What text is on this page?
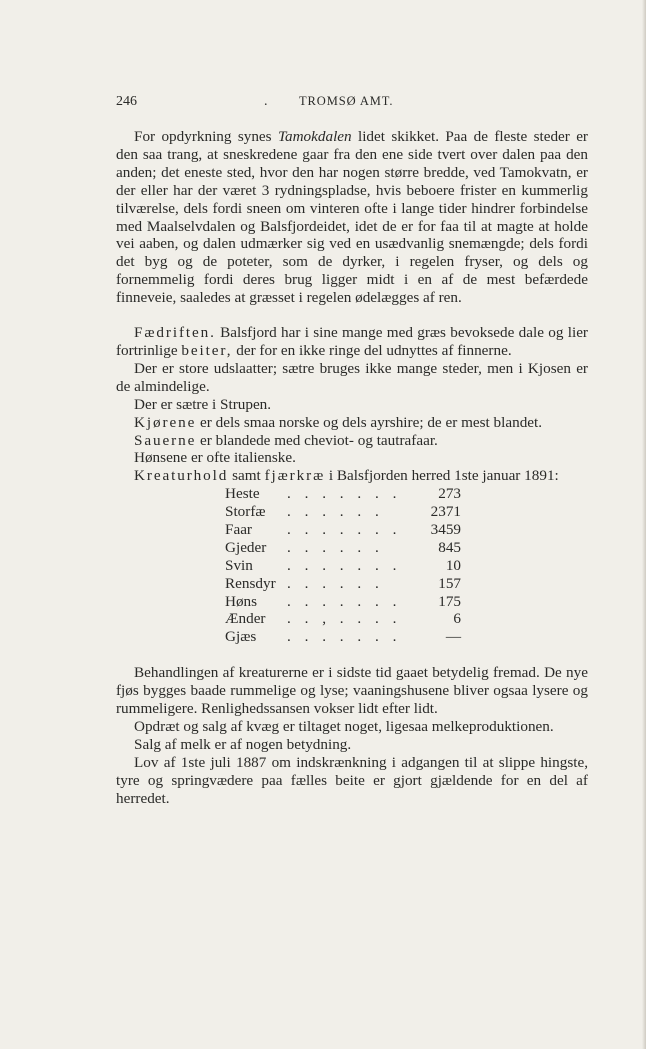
246	.	TROMSØ AMT.

For opdyrkning synes Tamokdalen lidet skikket. Paa de fleste steder er den saa trang, at sneskredene gaar fra den ene side tvert over dalen paa den anden; det eneste sted, hvor den har nogen større bredde, ved Tamokvatn, er der eller har der været 3 rydningspladse, hvis beboere frister en kummerlig tilværelse, dels fordi sneen om vinteren ofte i lange tider hindrer forbindelse med Maalselvdalen og Balsfjordeidet, idet de er for faa til at magte at holde vei aaben, og dalen udmærker sig ved en usædvanlig snemængde; dels fordi det byg og de poteter, som de dyrker, i regelen fryser, og dels og fornemmelig fordi deres brug ligger midt i en af de mest befærdede finneveie, saaledes at græsset i regelen ødelægges af ren.

Fædriften. Balsfjord har i sine mange med græs bevoksede dale og lier fortrinlige beiter, der for en ikke ringe del udnyttes af finnerne.

Der er store udslaatter; sætre bruges ikke mange steder, men i Kjosen er de almindelige.

Der er sætre i Strupen.

Kjørene er dels smaa norske og dels ayrshire; de er mest blandet.

Sauerne er blandede med cheviot- og tautrafaar.

Hønsene er ofte italienske.

Kreaturhold samt fjærkræ i Balsfjorden herred 1ste januar 1891:

Heste	. . . . . . .	273
Storfæ	. . . . . .	2371
Faar	. . . . . . .	3459
Gjeder	. . . . . .	845
Svin	. . . . . . .	10
Rensdyr . . . . . .	157
Høns	. . . . . . .	175
Ænder	. . , . . . .	6
Gjæs	. . . . . . .	—

Behandlingen af kreaturerne er i sidste tid gaaet betydelig fremad. De nye fjøs bygges baade rummelige og lyse; vaaningshusene bliver ogsaa lysere og rummeligere. Renlighedssansen vokser lidt efter lidt.

Opdræt og salg af kvæg er tiltaget noget, ligesaa melkeproduktionen.

Salg af melk er af nogen betydning.

Lov af 1ste juli 1887 om indskrænkning i adgangen til at slippe hingste, tyre og springvædere paa fælles beite er gjort gjældende for en del af herredet.
